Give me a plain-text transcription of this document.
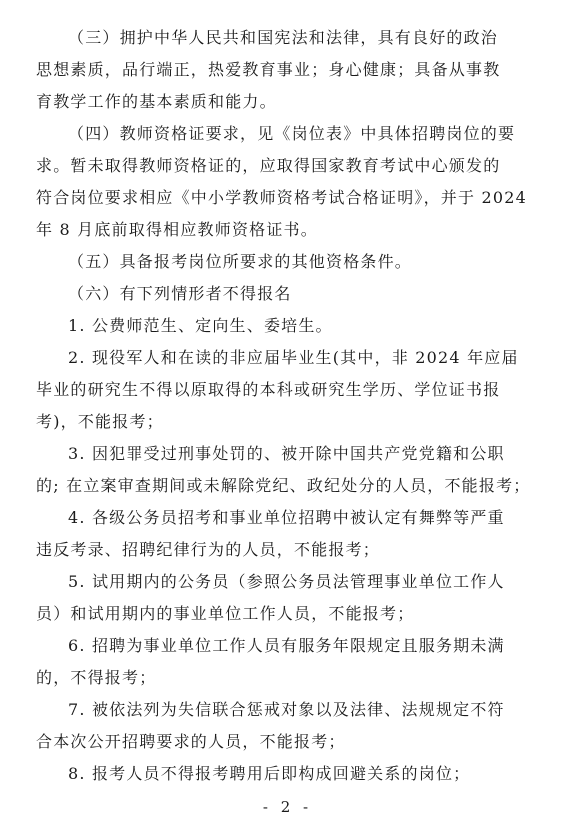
（三）拥护中华人民共和国宪法和法律，具有良好的政治

思想素质，品行端正，热爱教育事业；身心健康；具备从事教

育教学工作的基本素质和能力。

（四）教师资格证要求，见《岗位表》中具体招聘岗位的要

求。暂未取得教师资格证的，应取得国家教育考试中心颁发的

符合岗位要求相应《中小学教师资格考试合格证明》，并于 2024

年 8 月底前取得相应教师资格证书。

（五）具备报考岗位所要求的其他资格条件。

（六）有下列情形者不得报名

1. 公费师范生、定向生、委培生。

2. 现役军人和在读的非应届毕业生(其中，非 2024 年应届

毕业的研究生不得以原取得的本科或研究生学历、学位证书报

考)，不能报考；

3. 因犯罪受过刑事处罚的、被开除中国共产党党籍和公职

的; 在立案审查期间或未解除党纪、政纪处分的人员，不能报考；

4. 各级公务员招考和事业单位招聘中被认定有舞弊等严重

违反考录、招聘纪律行为的人员，不能报考；

5. 试用期内的公务员（参照公务员法管理事业单位工作人

员）和试用期内的事业单位工作人员，不能报考；

6. 招聘为事业单位工作人员有服务年限规定且服务期未满

的，不得报考；

7. 被依法列为失信联合惩戒对象以及法律、法规规定不符

合本次公开招聘要求的人员，不能报考；

8. 报考人员不得报考聘用后即构成回避关系的岗位；

- 2 -
